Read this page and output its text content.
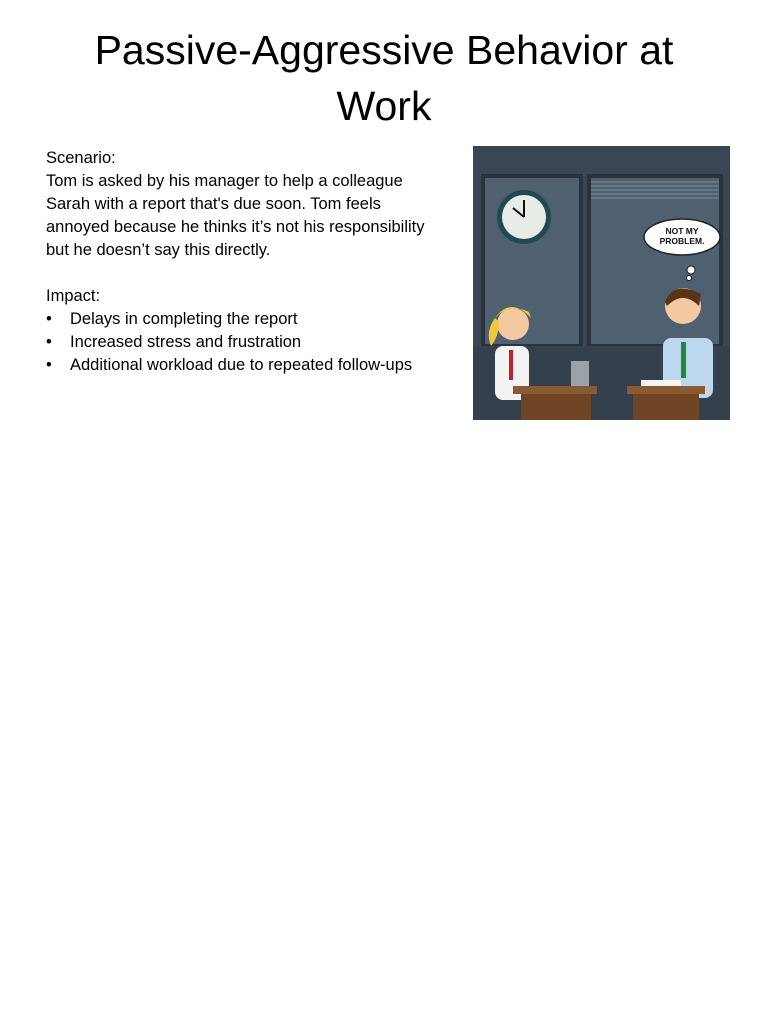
Passive-Aggressive Behavior at Work

Scenario:

Tom is asked by his manager to help a colleague Sarah with a report that's due soon. Tom feels annoyed because he thinks it’s not his responsibility but he doesn’t say this directly.

Impact:

• Delays in completing the report
• Increased stress and frustration
• Additional workload due to repeated follow-ups
NOT MY
PROBLEM.
